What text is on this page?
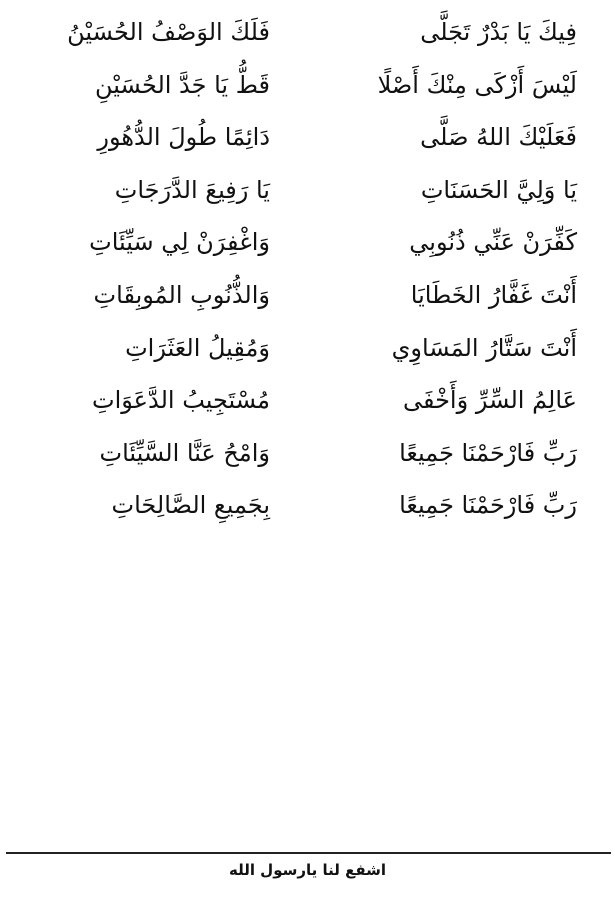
فِيكَ يَا بَدْرٌ تَجَلَّى
فَلَكَ الوَصْفُ الحُسَيْنُ
لَيْسَ أَزْكَى مِنْكَ أَصْلًا
قَطُّ يَا جَدَّ الحُسَيْنِ
فَعَلَيْكَ اللهُ صَلَّى
دَائِمًا طُولَ الدُّهُورِ
يَا وَلِيَّ الحَسَنَاتِ
يَا رَفِيعَ الدَّرَجَاتِ
كَفِّرَنْ عَنِّي ذُنُوبِي
وَاغْفِرَنْ لِي سَيِّئَاتِ
أَنْتَ غَفَّارُ الخَطَايَا
وَالذُّنُوبِ المُوبِقَاتِ
أَنْتَ سَتَّارُ المَسَاوِي
وَمُقِيلُ العَثَرَاتِ
عَالِمُ السِّرِّ وَأَخْفَى
مُسْتَجِيبُ الدَّعَوَاتِ
رَبِّ فَارْحَمْنَا جَمِيعًا
وَامْحُ عَنَّا السَّيِّئَاتِ
رَبِّ فَارْحَمْنَا جَمِيعًا
بِجَمِيعِ الصَّالِحَاتِ
اشفع لنا يارسول الله
